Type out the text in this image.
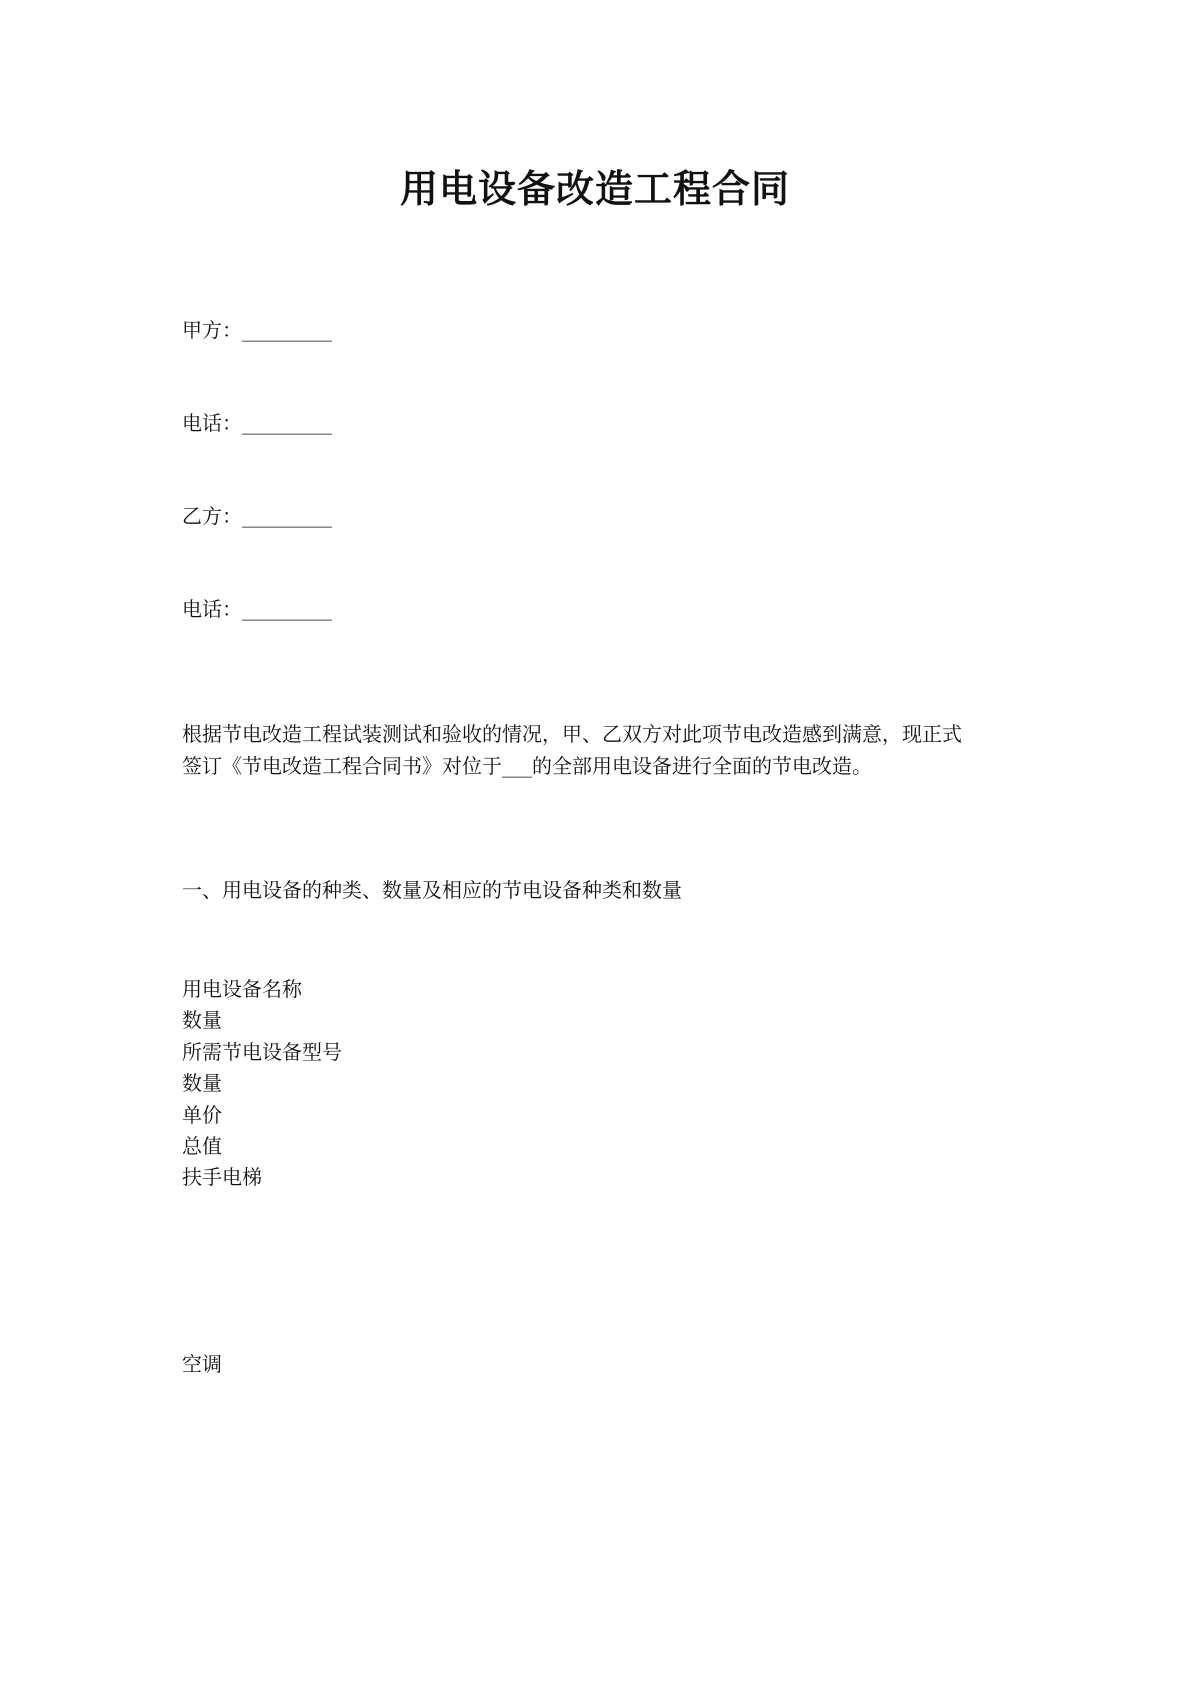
用电设备改造工程合同
甲方：_________
电话：_________
乙方：_________
电话：_________
根据节电改造工程试装测试和验收的情况，甲、乙双方对此项节电改造感到满意，现正式
签订《节电改造工程合同书》对位于___的全部用电设备进行全面的节电改造。
一、用电设备的种类、数量及相应的节电设备种类和数量
用电设备名称
数量
所需节电设备型号
数量
单价
总值
扶手电梯
空调
